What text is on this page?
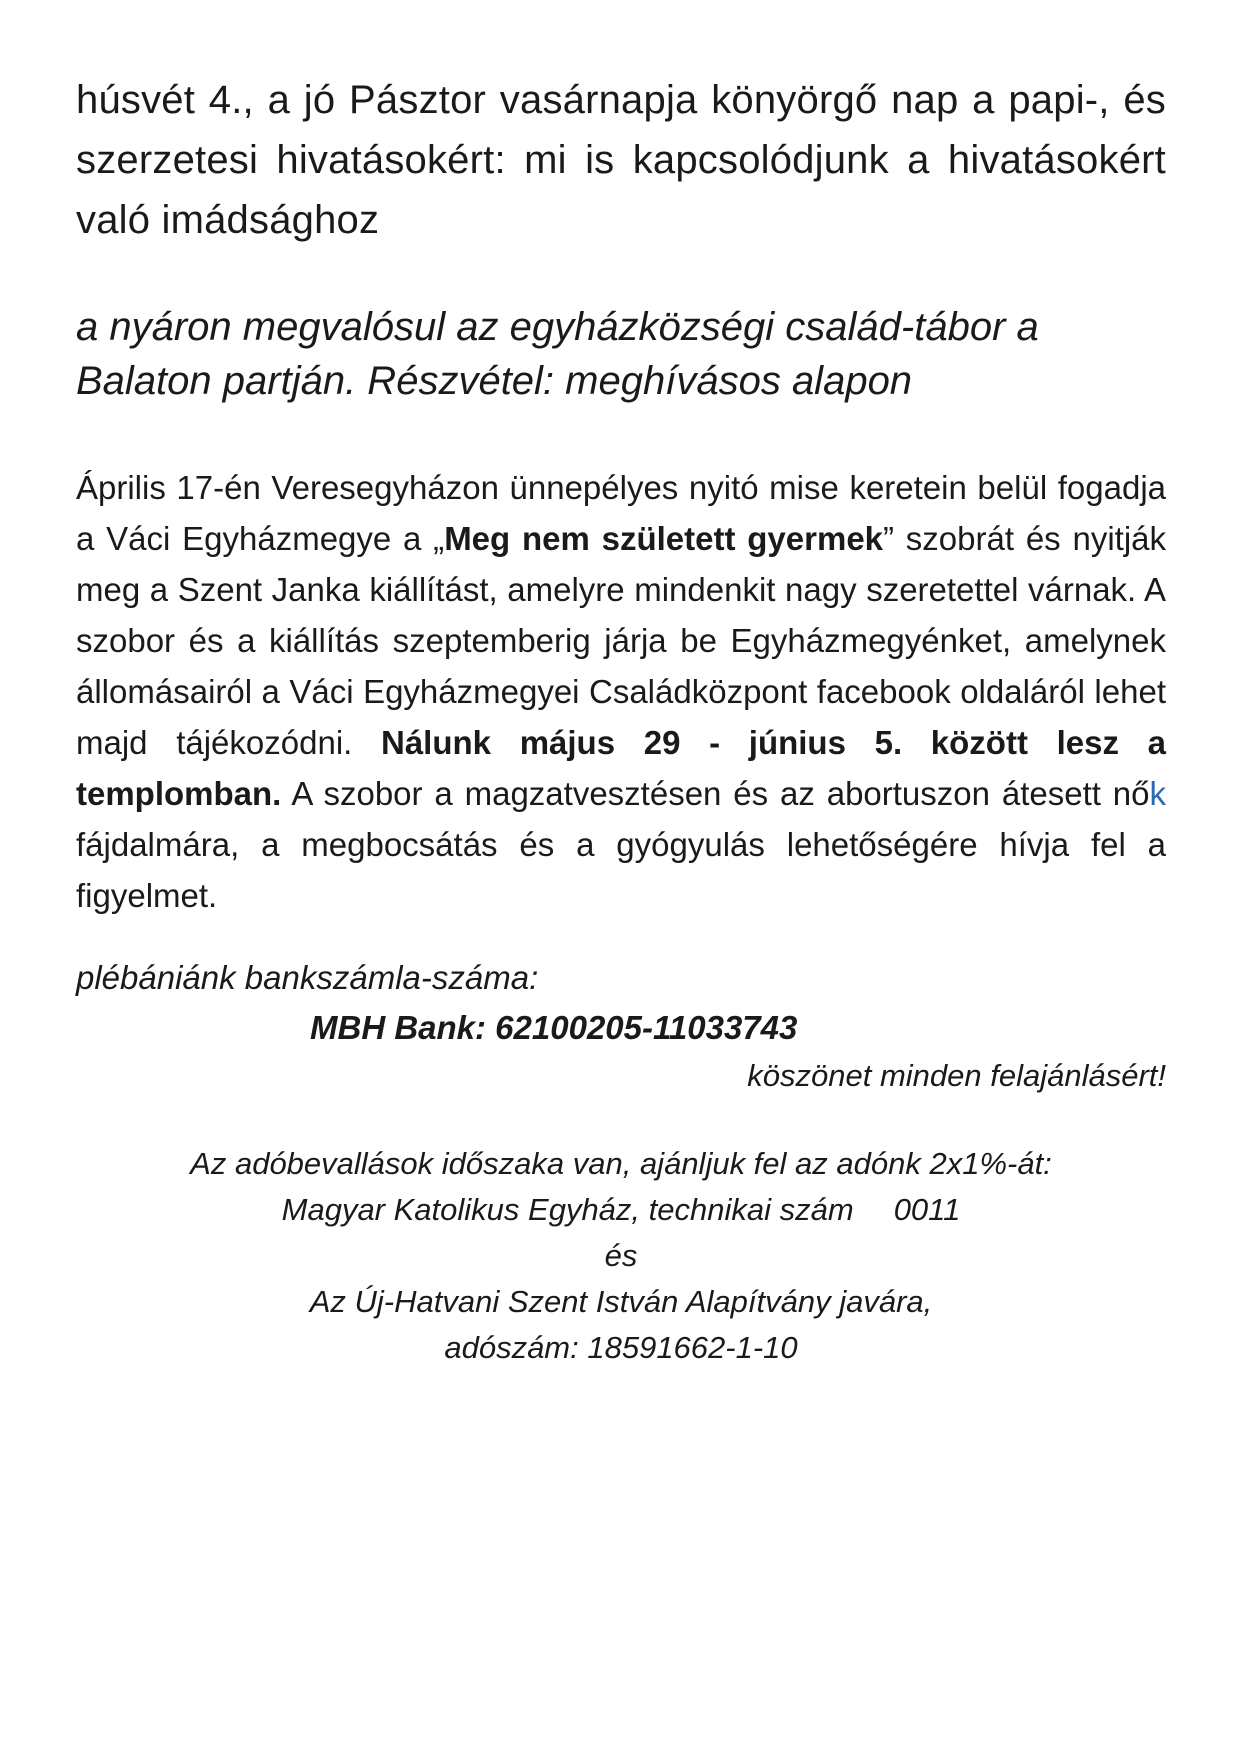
húsvét 4., a jó Pásztor vasárnapja könyörgő nap a papi-, és szerzetesi hivatásokért: mi is kapcsolódjunk a hivatásokért való imádsághoz

a nyáron megvalósul az egyházközségi család-tábor a Balaton partján. Részvétel: meghívásos alapon

Április 17-én Veresegyházon ünnepélyes nyitó mise keretein belül fogadja a Váci Egyházmegye a „Meg nem született gyermek” szobrát és nyitják meg a Szent Janka kiállítást, amelyre mindenkit nagy szeretettel várnak. A szobor és a kiállítás szeptemberig járja be Egyházmegyénket, amelynek állomásairól a Váci Egyházmegyei Családközpont facebook oldaláról lehet majd tájékozódni. Nálunk május 29 - június 5. között lesz a templomban. A szobor a magzatvesztésen és az abortuszon átesett nők fájdalmára, a megbocsátás és a gyógyulás lehetőségére hívja fel a figyelmet.

plébániánk bankszámla-száma:

MBH Bank: 62100205-11033743

köszönet minden felajánlásért!

Az adóbevallások időszaka van, ajánljuk fel az adónk 2x1%-át:
Magyar Katolikus Egyház, technikai szám 0011
és
Az Új-Hatvani Szent István Alapítvány javára,
adószám: 18591662-1-10
